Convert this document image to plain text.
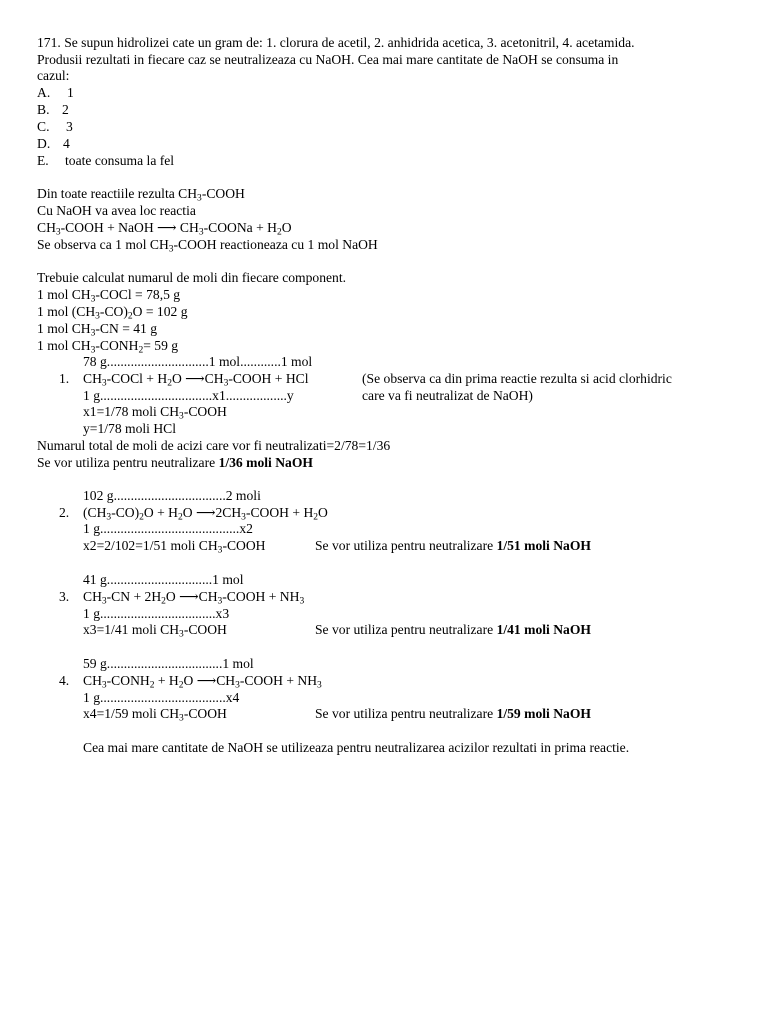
171. Se supun hidrolizei cate un gram de: 1. clorura de acetil, 2. anhidrida acetica, 3. acetonitril, 4. acetamida.
Produsii rezultati in fiecare caz se neutralizeaza cu NaOH. Cea mai mare cantitate de NaOH se consuma in
cazul:
A. 1
B. 2
C. 3
D. 4
E. toate consuma la fel
Din toate reactiile rezulta $CH_3$-COOH
Cu NaOH va avea loc reactia
$CH_3$-COOH + NaOH ⟶ $CH_3$-COONa + $H_2O$
Se observa ca 1 mol $CH_3$-COOH reactioneaza cu 1 mol NaOH
Trebuie calculat numarul de moli din fiecare component.
1 mol $CH_3$-COCl = 78,5 g
1 mol $(CH_3-CO)_2O = 102$ g
1 mol $CH_3-CN = 41$ g
1 mol $CH_3-CONH_2= 59$ g
78 g..............................1 mol............1 mol
1. $CH_3$-COCl + $H_2O$ $⟶CH_3$-COOH + HCl	(Se observa ca din prima reactie rezulta si acid clorhidric
1 g.................................x1..................y	care va fi neutralizat de NaOH)
x1=1/78 moli $CH_3$-COOH
y=1/78 moli HCl
Numarul total de moli de acizi care vor fi neutralizati=2/78=1/36
Se vor utiliza pentru neutralizare 1/36 moli NaOH
102 g.................................2 moli
2. $(CH_3-CO)_2O + H_2O$ $⟶2CH_3$-COOH + $H_2O$
1 g.........................................x2
x2=2/102=1/51 moli $CH_3$-COOH	Se vor utiliza pentru neutralizare 1/51 moli NaOH
41 g...............................1 mol
3. $CH_3-CN + 2H_2O$ $⟶CH_3$-COOH + $NH_3$
1 g..................................x3
x3=1/41 moli $CH_3$-COOH	Se vor utiliza pentru neutralizare 1/41 moli NaOH
59 g..................................1 mol
4. $CH_3-CONH_2 + H_2O$ $⟶CH_3$-COOH + $NH_3$
1 g.....................................x4
x4=1/59 moli $CH_3$-COOH	Se vor utiliza pentru neutralizare 1/59 moli NaOH
Cea mai mare cantitate de NaOH se utilizeaza pentru neutralizarea acizilor rezultati in prima reactie.
